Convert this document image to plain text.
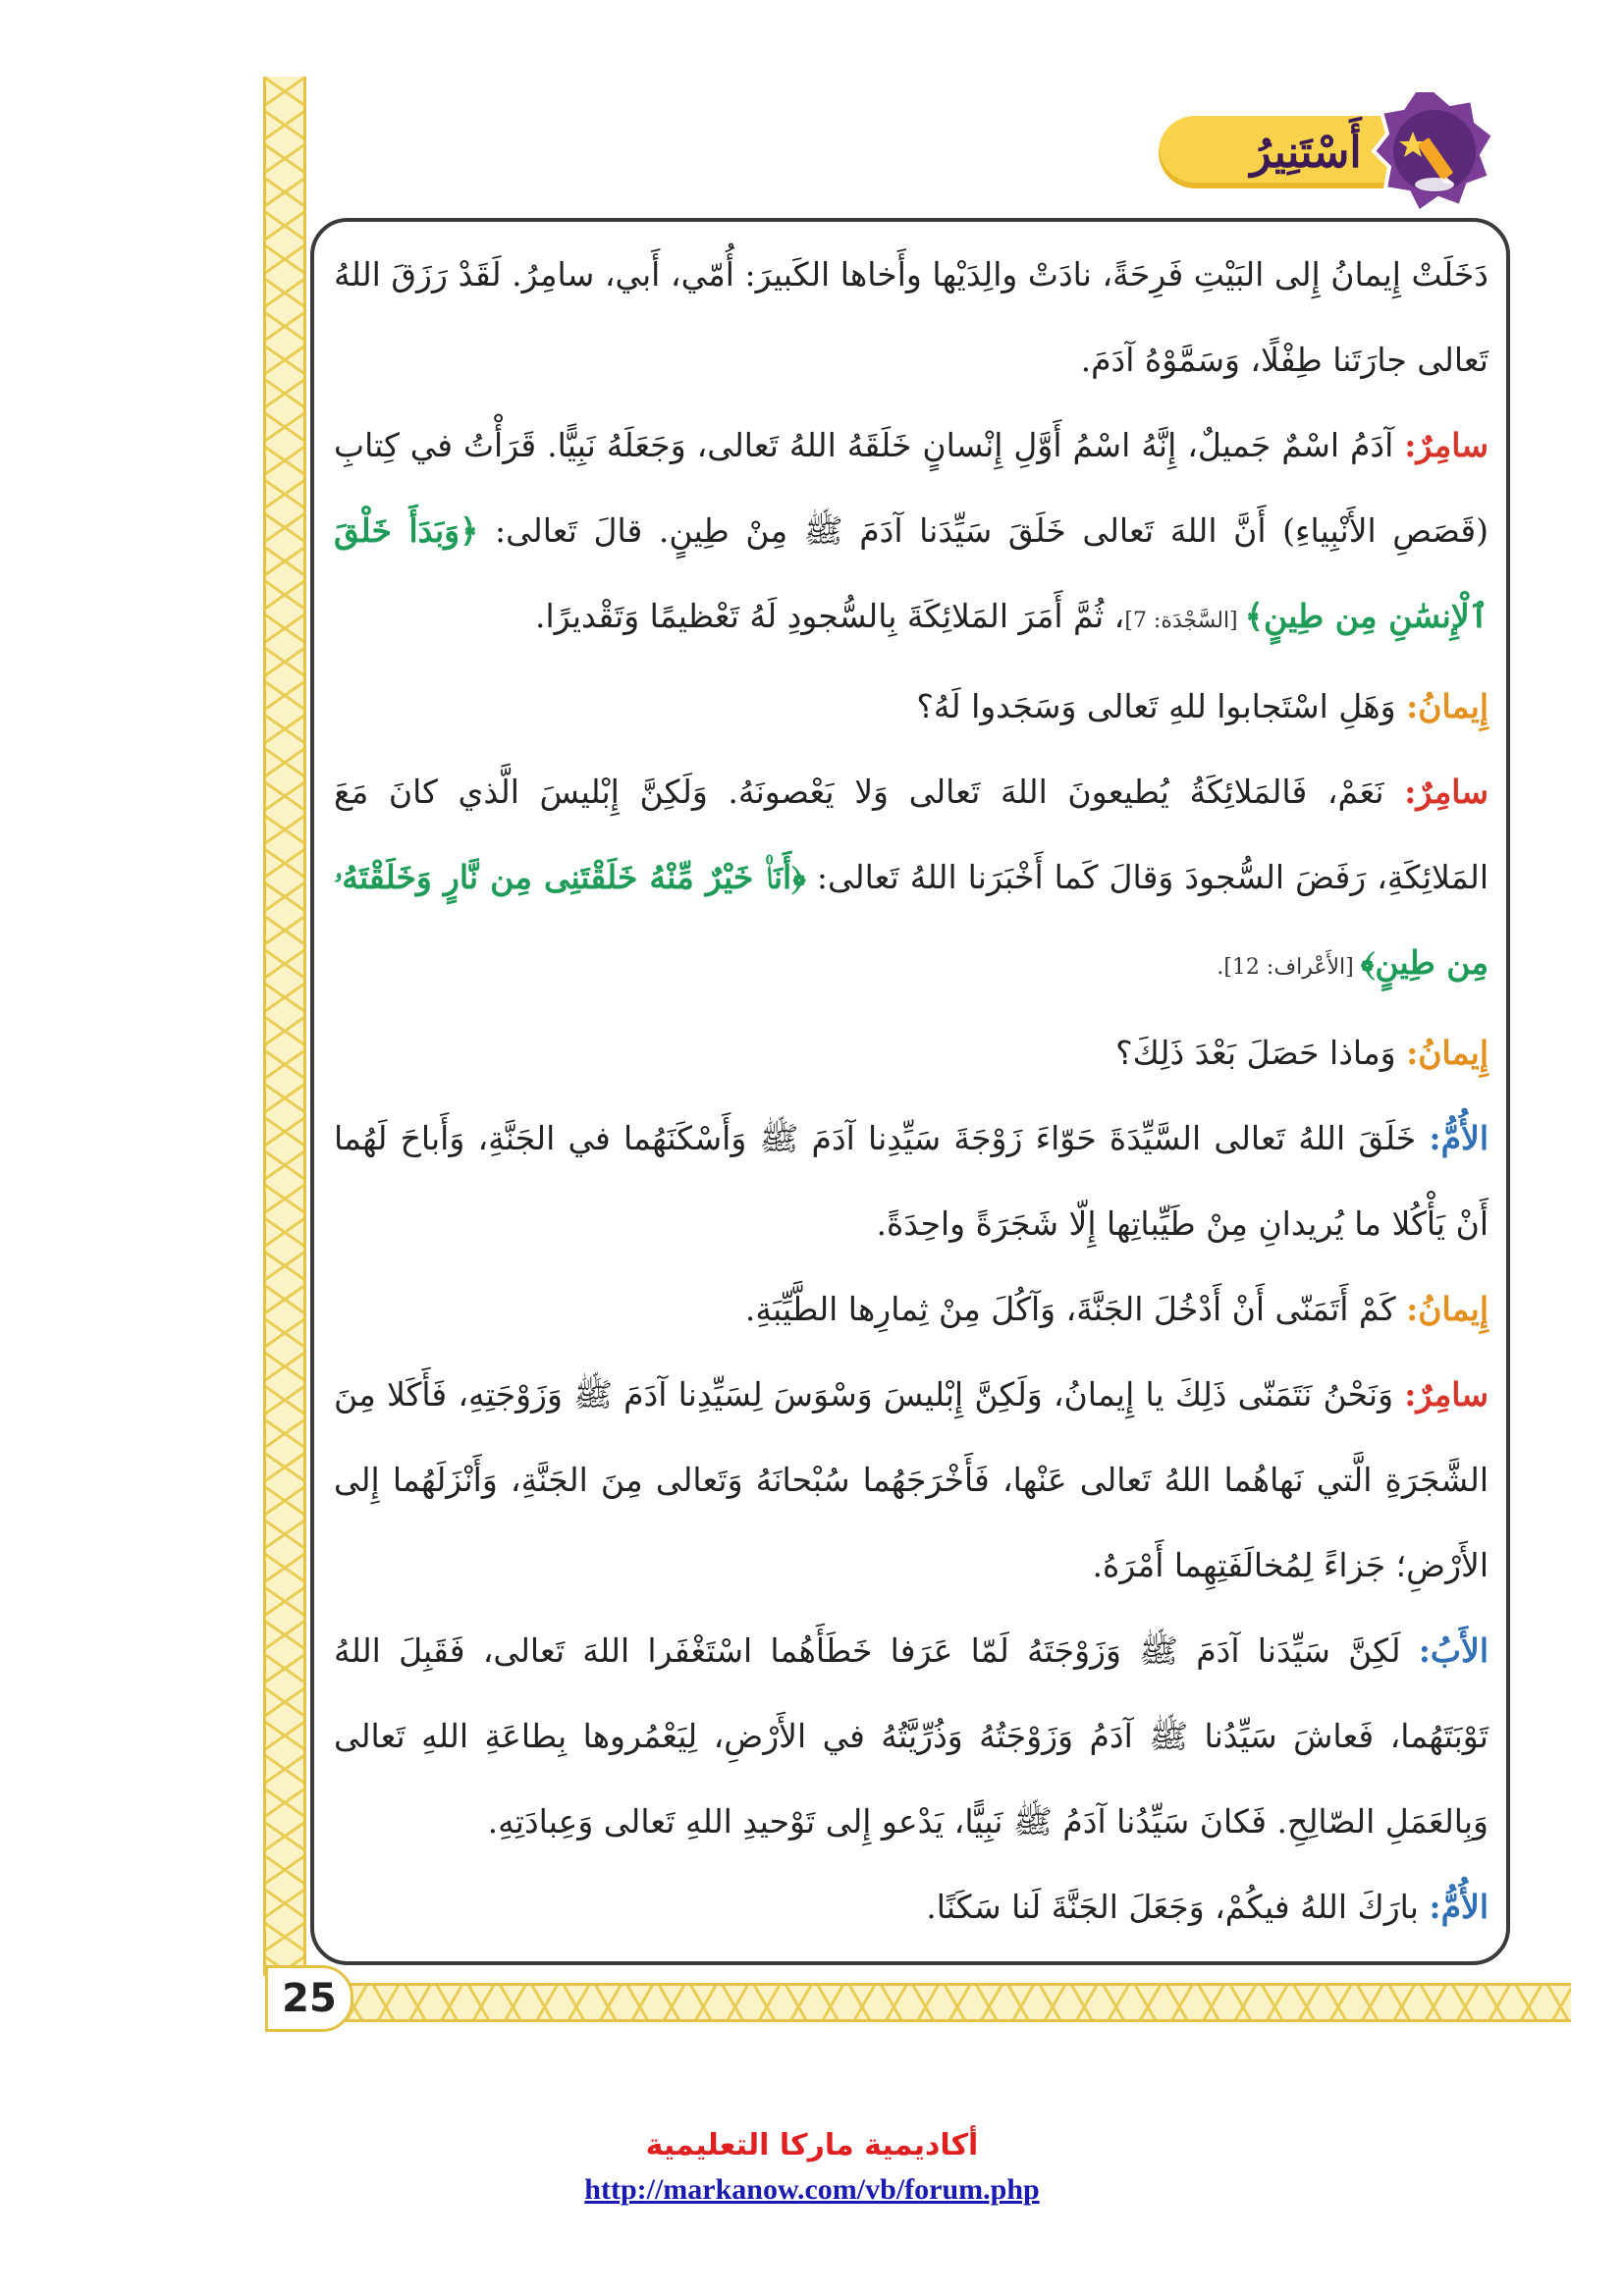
25
أَسْتَنِيرُ

دَخَلَتْ إِيمانُ إِلى البَيْتِ فَرِحَةً، نادَتْ والِدَيْها وأَخاها الكَبيرَ: أُمّي، أَبي، سامِرُ. لَقَدْ رَزَقَ اللهُ تَعالى جارَتَنا طِفْلًا، وَسَمَّوْهُ آدَمَ.

سامِرٌ: آدَمُ اسْمٌ جَميلٌ، إِنَّهُ اسْمُ أَوَّلِ إِنْسانٍ خَلَقَهُ اللهُ تَعالى، وَجَعَلَهُ نَبِيًّا. قَرَأْتُ في كِتابِ (قَصَصِ الأَنْبِياءِ) أَنَّ اللهَ تَعالى خَلَقَ سَيِّدَنا آدَمَ ﷺ مِنْ طِينٍ. قالَ تَعالى: ﴿وَبَدَأَ خَلْقَ ٱلْإِنسَٰنِ مِن طِينٍ﴾ [السَّجْدَة: 7]، ثُمَّ أَمَرَ المَلائِكَةَ بِالسُّجودِ لَهُ تَعْظيمًا وَتَقْديرًا.

إِيمانُ: وَهَلِ اسْتَجابوا للهِ تَعالى وَسَجَدوا لَهُ؟

سامِرٌ: نَعَمْ، فَالمَلائِكَةُ يُطيعونَ اللهَ تَعالى وَلا يَعْصونَهُ. وَلَكِنَّ إِبْليسَ الَّذي كانَ مَعَ المَلائِكَةِ، رَفَضَ السُّجودَ وَقالَ كَما أَخْبَرَنا اللهُ تَعالى: ﴿أَنَا۠ خَيْرٌ مِّنْهُ خَلَقْتَنِى مِن نَّارٍ وَخَلَقْتَهُۥ مِن طِينٍ﴾ [الأَعْراف: 12].

إِيمانُ: وَماذا حَصَلَ بَعْدَ ذَلِكَ؟

الأُمُّ: خَلَقَ اللهُ تَعالى السَّيِّدَةَ حَوّاءَ زَوْجَةَ سَيِّدِنا آدَمَ ﷺ وَأَسْكَنَهُما في الجَنَّةِ، وَأَباحَ لَهُما أَنْ يَأْكُلا ما يُريدانِ مِنْ طَيِّباتِها إِلّا شَجَرَةً واحِدَةً.

إِيمانُ: كَمْ أَتَمَنّى أَنْ أَدْخُلَ الجَنَّةَ، وَآكُلَ مِنْ ثِمارِها الطَّيِّبَةِ.

سامِرٌ: وَنَحْنُ نَتَمَنّى ذَلِكَ يا إِيمانُ، وَلَكِنَّ إِبْليسَ وَسْوَسَ لِسَيِّدِنا آدَمَ ﷺ وَزَوْجَتِهِ، فَأَكَلا مِنَ الشَّجَرَةِ الَّتي نَهاهُما اللهُ تَعالى عَنْها، فَأَخْرَجَهُما سُبْحانَهُ وَتَعالى مِنَ الجَنَّةِ، وَأَنْزَلَهُما إِلى الأَرْضِ؛ جَزاءً لِمُخالَفَتِهِما أَمْرَهُ.

الأَبُ: لَكِنَّ سَيِّدَنا آدَمَ ﷺ وَزَوْجَتَهُ لَمّا عَرَفا خَطَأَهُما اسْتَغْفَرا اللهَ تَعالى، فَقَبِلَ اللهُ تَوْبَتَهُما، فَعاشَ سَيِّدُنا ﷺ آدَمُ وَزَوْجَتُهُ وَذُرِّيَّتُهُ في الأَرْضِ، لِيَعْمُروها بِطاعَةِ اللهِ تَعالى وَبِالعَمَلِ الصّالِحِ. فَكانَ سَيِّدُنا آدَمُ ﷺ نَبِيًّا، يَدْعو إِلى تَوْحيدِ اللهِ تَعالى وَعِبادَتِهِ.

الأُمُّ: بارَكَ اللهُ فيكُمْ، وَجَعَلَ الجَنَّةَ لَنا سَكَنًا.

أكاديمية ماركا التعليمية
http://markanow.com/vb/forum.php
